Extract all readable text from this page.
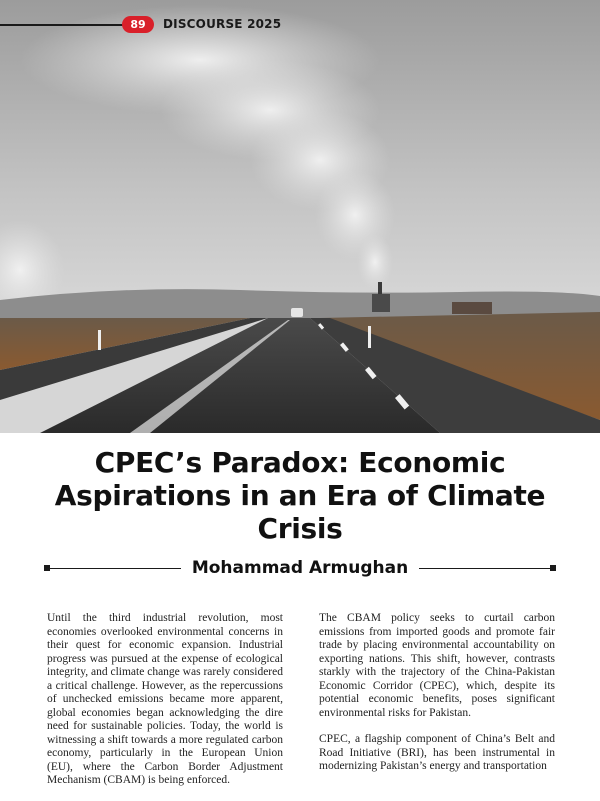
89	DISCOURSE 2025
CPEC’s Paradox: Economic Aspirations in an Era of Climate Crisis
Mohammad Armughan

Until the third industrial revolution, most economies overlooked environmental concerns in their quest for economic expansion. Industrial progress was pursued at the expense of ecological integrity, and climate change was rarely considered a critical challenge. However, as the repercussions of unchecked emissions became more apparent, global economies began acknowledging the dire need for sustainable policies. Today, the world is witnessing a shift towards a more regulated carbon economy, particularly in the European Union (EU), where the Carbon Border Adjustment Mechanism (CBAM) is being enforced.

The CBAM policy seeks to curtail carbon emissions from imported goods and promote fair trade by placing environmental accountability on exporting nations. This shift, however, contrasts starkly with the trajectory of the China-Pakistan Economic Corridor (CPEC), which, despite its potential economic benefits, poses significant environmental risks for Pakistan.

CPEC, a flagship component of China’s Belt and Road Initiative (BRI), has been instrumental in modernizing Pakistan’s energy and transportation
